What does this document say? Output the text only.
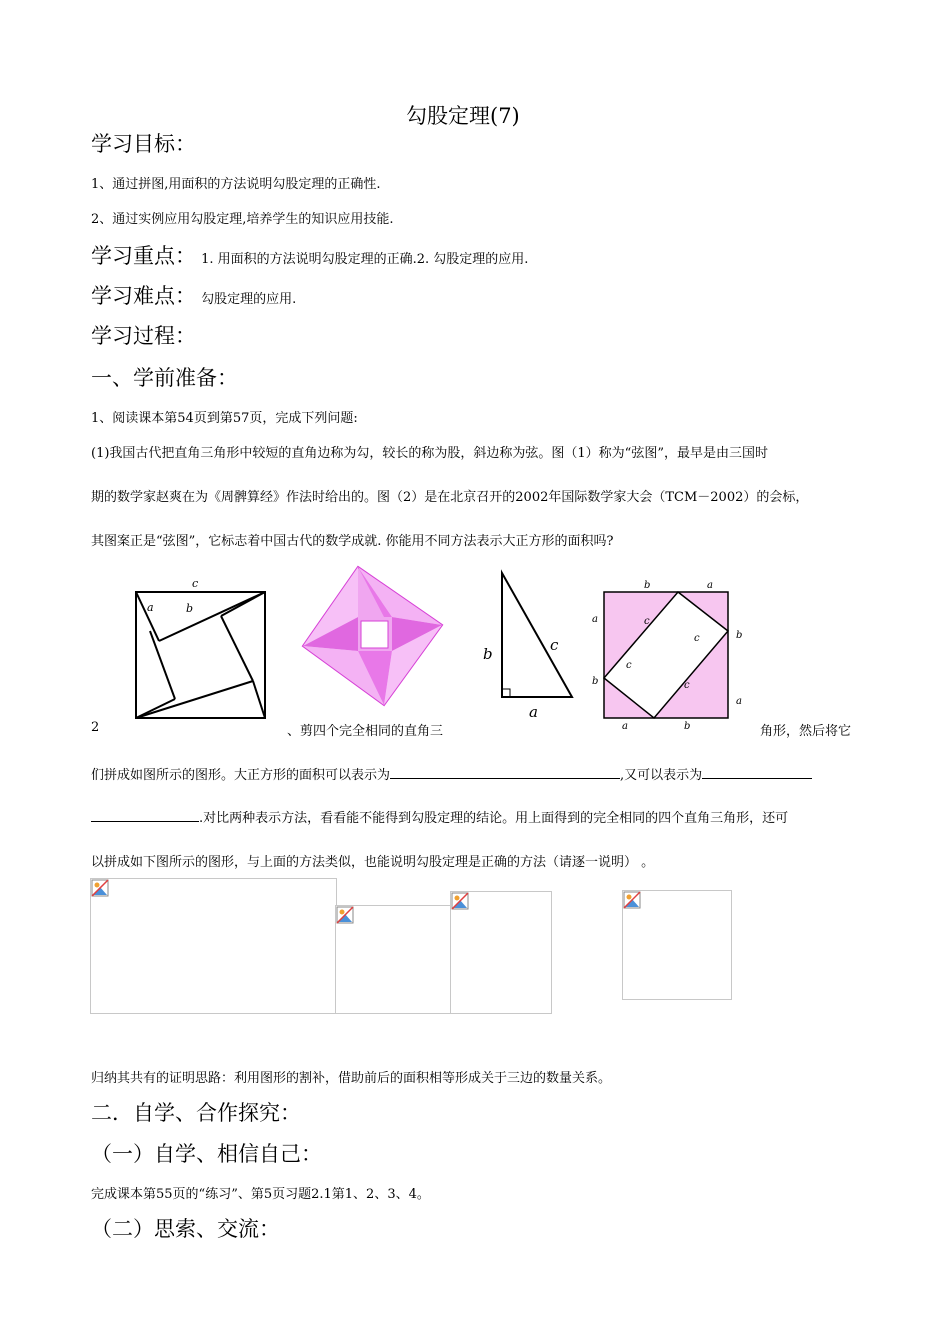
勾股定理(7)
学习目标：
1、通过拼图,用面积的方法说明勾股定理的正确性.
2、通过实例应用勾股定理,培养学生的知识应用技能.
学习重点： 1. 用面积的方法说明勾股定理的正确.2. 勾股定理的应用.
学习难点： 勾股定理的应用.
学习过程：
一、学前准备：
1、阅读课本第54页到第57页，完成下列问题:
(1)我国古代把直角三角形中较短的直角边称为勾，较长的称为股，斜边称为弦。图（1）称为“弦图”，最早是由三国时
期的数学家赵爽在为《周髀算经》作法时给出的。图（2）是在北京召开的2002年国际数学家大会（TCM－2002）的会标，
其图案正是“弦图”，它标志着中国古代的数学成就. 你能用不同方法表示大正方形的面积吗?
c
a	b
b	c
a
b	a
a
b
b
a
a	b
c
c
c
c
2	、剪四个完全相同的直角三	角形，然后将它
们拼成如图所示的图形。大正方形的面积可以表示为	,又可以表示为
.对比两种表示方法，看看能不能得到勾股定理的结论。用上面得到的完全相同的四个直角三角形，还可
以拼成如下图所示的图形，与上面的方法类似，也能说明勾股定理是正确的方法（请逐一说明） 。
归纳其共有的证明思路：利用图形的割补，借助前后的面积相等形成关于三边的数量关系。
二．自学、合作探究：
（一）自学、相信自己：
完成课本第55页的“练习”、第5页习题2.1第1、2、3、4。
（二）思索、交流：
